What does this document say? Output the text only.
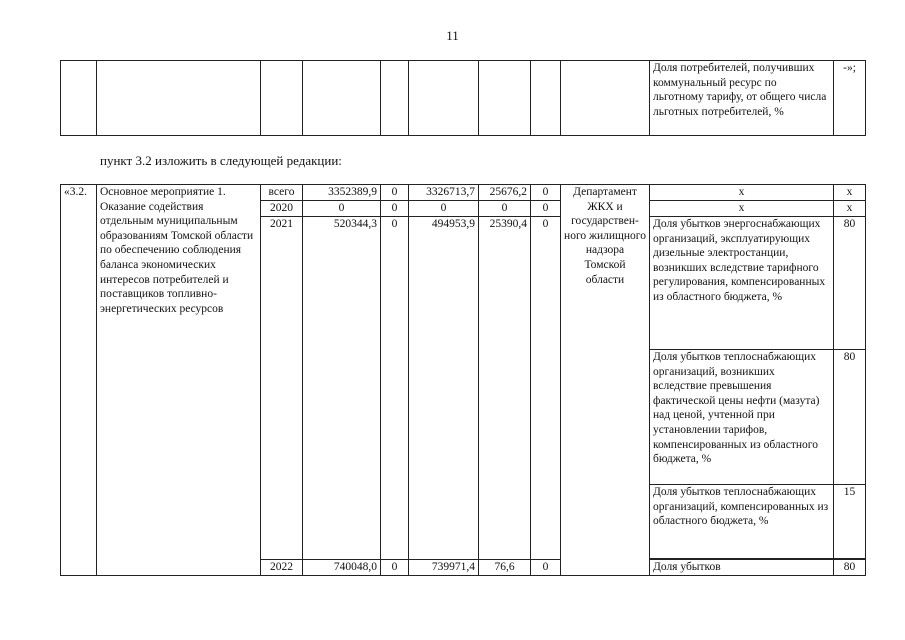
11
									Доля потребителей, получивших коммунальный ресурс по льготному тарифу, от общего числа льготных потребителей, %	-»;
пункт 3.2 изложить в следующей редакции:
«3.2.	Основное мероприятие 1. Оказание содействия отдельным муниципальным образованиям Томской области по обеспечению соблюдения баланса экономических интересов потребителей и поставщиков топливно-энергетических ресурсов	всего	3352389,9	0	3326713,7	25676,2	0	Департамент ЖКХ и государствен-ного жилищного надзора Томской области	x	x
		2020	0	0	0	0	0		x	x
		2021	520344,3	0	494953,9	25390,4	0		Доля убытков энергоснабжающих организаций, эксплуатирующих дизельные электростанции, возникших вследствие тарифного регулирования, компенсированных из областного бюджета, %	80
									Доля убытков теплоснабжающих организаций, возникших вследствие превышения фактической цены нефти (мазута) над ценой, учтенной при установлении тарифов, компенсированных из областного бюджета, %	80
									Доля убытков теплоснабжающих организаций, компенсированных из областного бюджета, %	15

		2022	740048,0	0	739971,4	76,6	0		Доля убытков	80
